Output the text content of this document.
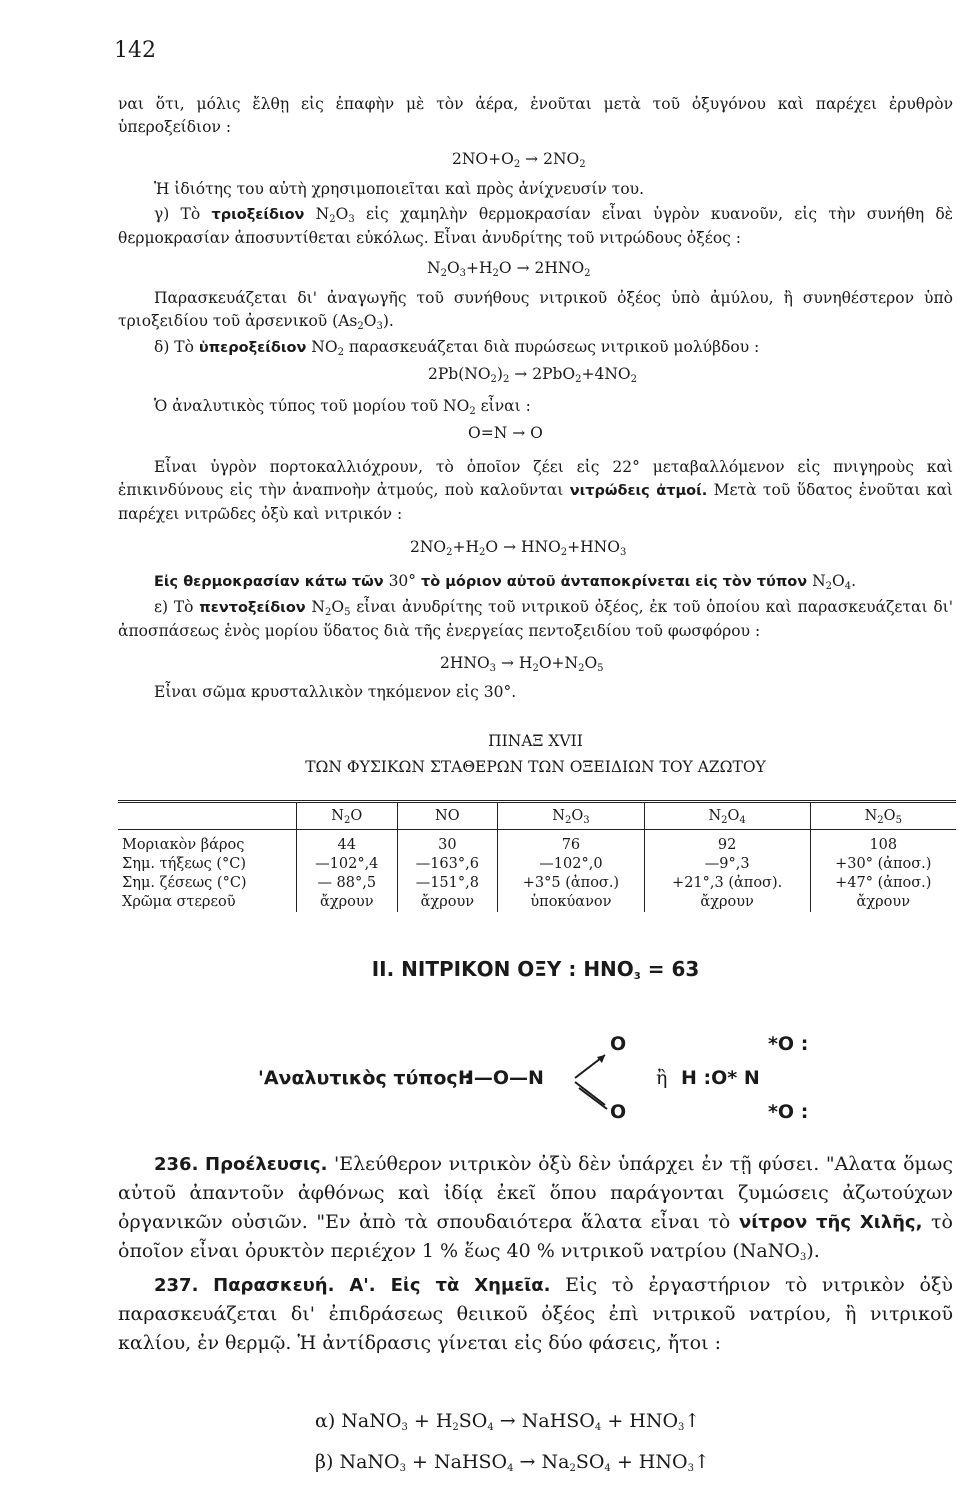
142
ναι ὅτι, μόλις ἔλθῃ εἰς ἐπαφὴν μὲ τὸν ἀέρα, ἑνοῦται μετὰ τοῦ ὀξυγόνου καὶ παρέχει ἐρυθρὸν ὑπεροξείδιον :
$2NO+O_2 \to 2NO_2$
Ἡ ἰδιότης του αὐτὴ χρησιμοποιεῖται καὶ πρὸς ἀνίχνευσίν του.
γ) Τὸ τριοξείδιον $N_2O_3$ εἰς χαμηλὴν θερμοκρασίαν εἶναι ὑγρὸν κυανοῦν, εἰς τὴν συνήθη δὲ θερμοκρασίαν ἀποσυντίθεται εὐκόλως. Εἶναι ἀνυδρίτης τοῦ νιτρώδους ὀξέος :
$N_2O_3+H_2O \to 2HNO_2$
Παρασκευάζεται δι' ἀναγωγῆς τοῦ συνήθους νιτρικοῦ ὀξέος ὑπὸ ἀμύλου, ἢ συνηθέστερον ὑπὸ τριοξειδίου τοῦ ἀρσενικοῦ $(As_2O_3)$.
δ) Τὸ ὑπεροξείδιον $NO_2$ παρασκευάζεται διὰ πυρώσεως νιτρικοῦ μολύβδου :
$2Pb(NO_2)_2 \to 2PbO_2+4NO_2$
Ὁ ἀναλυτικὸς τύπος τοῦ μορίου τοῦ $NO_2$ εἶναι :
O=N → O
Εἶναι ὑγρὸν πορτοκαλλιόχρουν, τὸ ὁποῖον ζέει εἰς 22° μεταβαλλόμενον εἰς πνιγηροὺς καὶ ἐπικινδύνους εἰς τὴν ἀναπνοὴν ἀτμούς, ποὺ καλοῦνται νιτρώδεις ἀτμοί. Μετὰ τοῦ ὕδατος ἑνοῦται καὶ παρέχει νιτρῶδες ὀξὺ καὶ νιτρικόν :
$2NO_2+H_2O \to HNO_2+HNO_3$
Εἰς θερμοκρασίαν κάτω τῶν 30° τὸ μόριον αὐτοῦ ἀνταποκρίνεται εἰς τὸν τύπον $N_2O_4$.
ε) Τὸ πεντοξείδιον $N_2O_5$ εἶναι ἀνυδρίτης τοῦ νιτρικοῦ ὀξέος, ἐκ τοῦ ὁποίου καὶ παρασκευάζεται δι' ἀποσπάσεως ἑνὸς μορίου ὕδατος διὰ τῆς ἐνεργείας πεντοξειδίου τοῦ φωσφόρου :
$2HNO_3 \to H_2O+N_2O_5$
Εἶναι σῶμα κρυσταλλικὸν τηκόμενον εἰς 30°.
ΠΙΝΑΞ XVII
ΤΩΝ ΦΥΣΙΚΩΝ ΣΤΑΘΕΡΩΝ ΤΩΝ ΟΞΕΙΔΙΩΝ ΤΟΥ ΑΖΩΤΟΥ
	$N_2O$	NO	$N_2O_3$	$N_2O_4$	$N_2O_5$
Μοριακὸν βάρος	44	30	76	92	108
Σημ. τήξεως (°C)	—102°,4	—163°,6	—102°,0	—9°,3	+30° (ἀποσ.)
Σημ. ζέσεως (°C)	— 88°,5	—151°,8	+3°5 (ἀποσ.)	+21°,3 (ἀποσ).	+47° (ἀποσ.)
Χρῶμα στερεοῦ	ἄχρουν	ἄχρουν	ὑποκύανον	ἄχρουν	ἄχρουν
II. ΝΙΤΡΙΚΟΝ ΟΞΥ : $HNO_3 = 63$
'Αναλυτικὸς τύπος :
H—O—N
O
O
ἢ H :O* N
*O :
*O :
236. Προέλευσις. 'Ελεύθερον νιτρικὸν ὀξὺ δὲν ὑπάρχει ἐν τῇ φύσει. "Αλατα ὅμως αὐτοῦ ἀπαντοῦν ἀφθόνως καὶ ἰδίᾳ ἐκεῖ ὅπου παράγονται ζυμώσεις ἀζωτούχων ὀργανικῶν οὐσιῶν. "Εν ἀπὸ τὰ σπουδαιότερα ἅλατα εἶναι τὸ νίτρον τῆς Χιλῆς, τὸ ὁποῖον εἶναι ὀρυκτὸν περιέχον 1 % ἕως 40 % νιτρικοῦ νατρίου (NaNO$_3$).
237. Παρασκευή. Α'. Εἰς τὰ Χημεῖα. Εἰς τὸ ἐργαστήριον τὸ νιτρικὸν ὀξὺ παρασκευάζεται δι' ἐπιδράσεως θειικοῦ ὀξέος ἐπὶ νιτρικοῦ νατρίου, ἢ νιτρικοῦ καλίου, ἐν θερμῷ. Ἡ ἀντίδρασις γίνεται εἰς δύο φάσεις, ἤτοι :
α) NaNO$_3$ + $H_2SO_4$ → NaHSO$_4$ + $HNO_3↑$
β) NaNO$_3$ + NaHSO$_4$ → $Na_2SO_4$ + $HNO_3↑$
